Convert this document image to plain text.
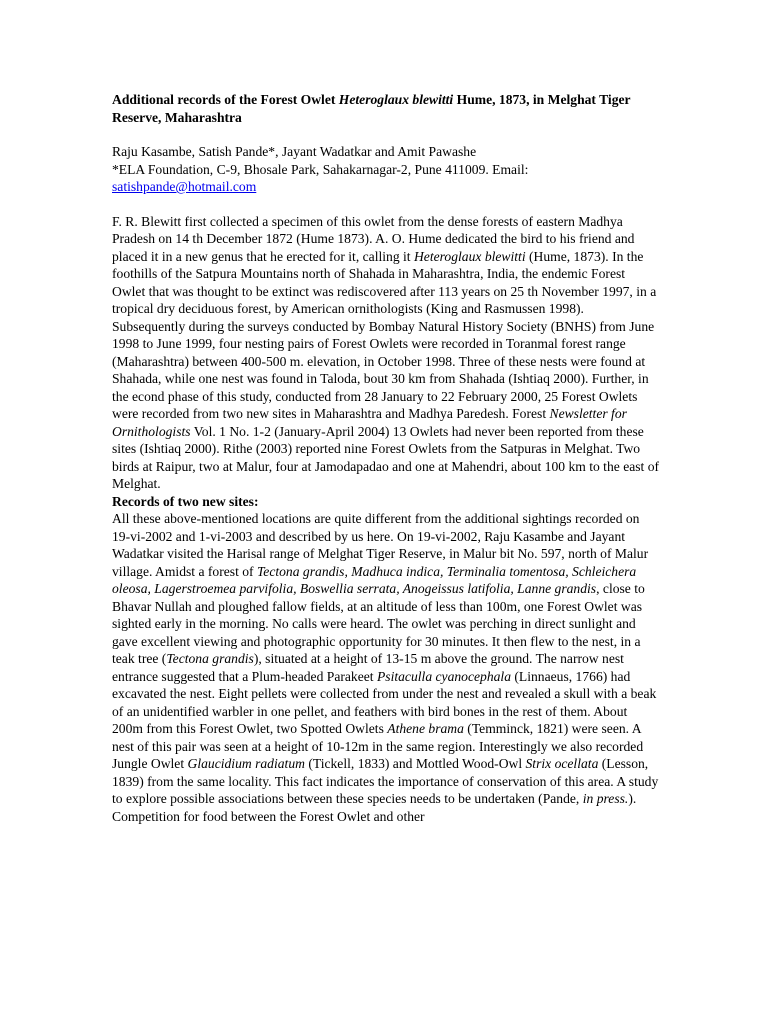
Additional records of the Forest Owlet Heteroglaux blewitti Hume, 1873, in Melghat Tiger Reserve, Maharashtra

Raju Kasambe, Satish Pande*, Jayant Wadatkar and Amit Pawashe
*ELA Foundation, C-9, Bhosale Park, Sahakarnagar-2, Pune 411009. Email:
satishpande@hotmail.com

F. R. Blewitt first collected a specimen of this owlet from the dense forests of eastern Madhya Pradesh on 14 th December 1872 (Hume 1873). A. O. Hume dedicated the bird to his friend and placed it in a new genus that he erected for it, calling it Heteroglaux blewitti (Hume, 1873). In the foothills of the Satpura Mountains north of Shahada in Maharashtra, India, the endemic Forest Owlet that was thought to be extinct was rediscovered after 113 years on 25 th November 1997, in a tropical dry deciduous forest, by American ornithologists (King and Rasmussen 1998). Subsequently during the surveys conducted by Bombay Natural History Society (BNHS) from June 1998 to June 1999, four nesting pairs of Forest Owlets were recorded in Toranmal forest range (Maharashtra) between 400-500 m. elevation, in October 1998. Three of these nests were found at Shahada, while one nest was found in Taloda, bout 30 km from Shahada (Ishtiaq 2000). Further, in the econd phase of this study, conducted from 28 January to 22 February 2000, 25 Forest Owlets were recorded from two new sites in Maharashtra and Madhya Paredesh. Forest Newsletter for Ornithologists Vol. 1 No. 1-2 (January-April 2004) 13 Owlets had never been reported from these sites (Ishtiaq 2000). Rithe (2003) reported nine Forest Owlets from the Satpuras in Melghat. Two birds at Raipur, two at Malur, four at Jamodapadao and one at Mahendri, about 100 km to the east of Melghat.

Records of two new sites:

All these above-mentioned locations are quite different from the additional sightings recorded on 19-vi-2002 and 1-vi-2003 and described by us here. On 19-vi-2002, Raju Kasambe and Jayant Wadatkar visited the Harisal range of Melghat Tiger Reserve, in Malur bit No. 597, north of Malur village. Amidst a forest of Tectona grandis, Madhuca indica, Terminalia tomentosa, Schleichera oleosa, Lagerstroemea parvifolia, Boswellia serrata, Anogeissus latifolia, Lanne grandis, close to Bhavar Nullah and ploughed fallow fields, at an altitude of less than 100m, one Forest Owlet was sighted early in the morning. No calls were heard. The owlet was perching in direct sunlight and gave excellent viewing and photographic opportunity for 30 minutes. It then flew to the nest, in a teak tree (Tectona grandis), situated at a height of 13-15 m above the ground. The narrow nest entrance suggested that a Plum-headed Parakeet Psitaculla cyanocephala (Linnaeus, 1766) had excavated the nest. Eight pellets were collected from under the nest and revealed a skull with a beak of an unidentified warbler in one pellet, and feathers with bird bones in the rest of them. About 200m from this Forest Owlet, two Spotted Owlets Athene brama (Temminck, 1821) were seen. A nest of this pair was seen at a height of 10-12m in the same region. Interestingly we also recorded Jungle Owlet Glaucidium radiatum (Tickell, 1833) and Mottled Wood-Owl Strix ocellata (Lesson, 1839) from the same locality. This fact indicates the importance of conservation of this area. A study to explore possible associations between these species needs to be undertaken (Pande, in press.). Competition for food between the Forest Owlet and other
